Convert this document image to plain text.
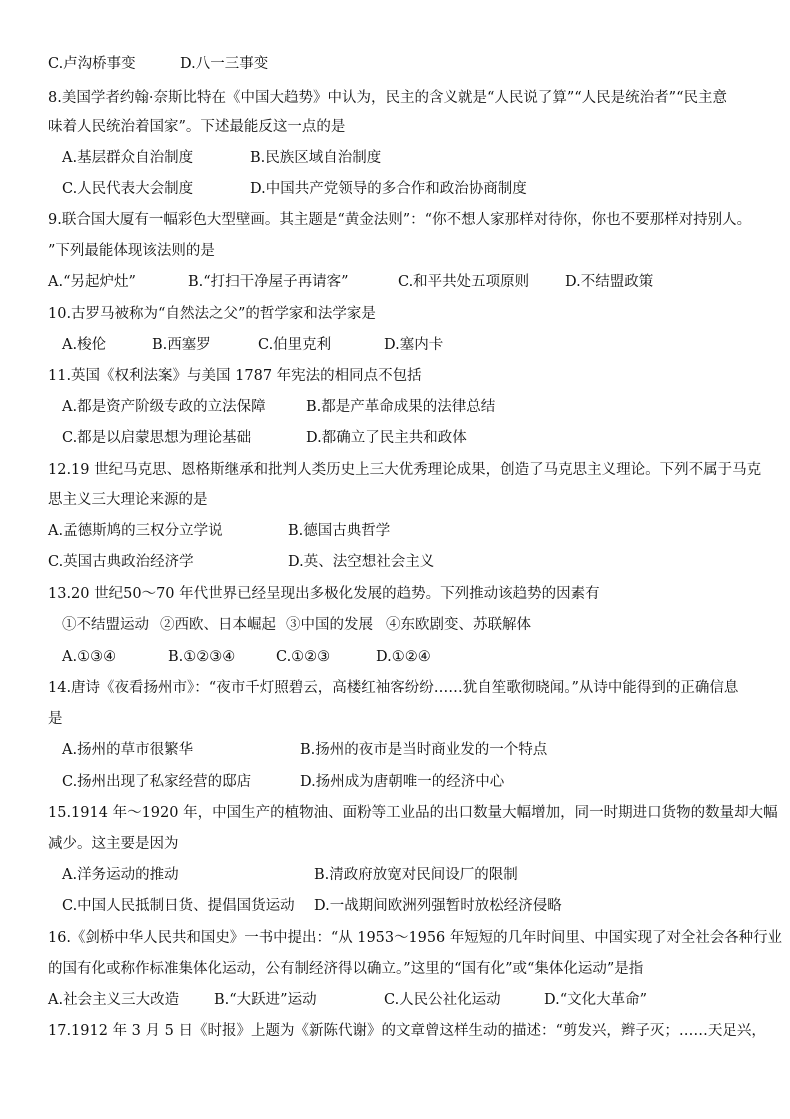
C.卢沟桥事变	D.八一三事变
8.美国学者约翰·奈斯比特在《中国大趋势》中认为，民主的含义就是“人民说了算”“人民是统治者”“民主意
味着人民统治着国家”。下述最能反这一点的是
A.基层群众自治制度	B.民族区域自治制度
C.人民代表大会制度	D.中国共产党领导的多合作和政治协商制度
9.联合国大厦有一幅彩色大型壁画。其主题是“黄金法则”：“你不想人家那样对待你，你也不要那样对持别人。
”下列最能体现该法则的是
A.“另起炉灶”	B.“打扫干净屋子再请客”	C.和平共处五项原则 D.不结盟政策
10.古罗马被称为“自然法之父”的哲学家和法学家是
A.梭伦	B.西塞罗	C.伯里克利	D.塞内卡
11.英国《权利法案》与美国 1787 年宪法的相同点不包括
A.都是资产阶级专政的立法保障	B.都是产革命成果的法律总结
C.都是以启蒙思想为理论基础	D.都确立了民主共和政体
12.19 世纪马克思、恩格斯继承和批判人类历史上三大优秀理论成果，创造了马克思主义理论。下列不属于马克
思主义三大理论来源的是
A.孟德斯鸠的三权分立学说	B.德国古典哲学
C.英国古典政治经济学	D.英、法空想社会主义
13.20 世纪50～70 年代世界已经呈现出多极化发展的趋势。下列推动该趋势的因素有
①不结盟运动 ②西欧、日本崛起 ③中国的发展 ④东欧剧变、苏联解体
A.①③④	B.①②③④	C.①②③	D.①②④
14.唐诗《夜看扬州市》：“夜市千灯照碧云，高楼红袖客纷纷……犹自笙歌彻晓闻。”从诗中能得到的正确信息
是
A.扬州的草市很繁华	B.扬州的夜市是当时商业发的一个特点
C.扬州出现了私家经营的邸店	D.扬州成为唐朝唯一的经济中心
15.1914 年～1920 年，中国生产的植物油、面粉等工业品的出口数量大幅增加，同一时期进口货物的数量却大幅
减少。这主要是因为
A.洋务运动的推动	B.清政府放宽对民间设厂的限制
C.中国人民抵制日货、提倡国货运动 D.一战期间欧洲列强暂时放松经济侵略
16.《剑桥中华人民共和国史》一书中提出：“从 1953～1956 年短短的几年时间里、中国实现了对全社会各种行业
的国有化或称作标准集体化运动，公有制经济得以确立。”这里的“国有化”或“集体化运动”是指
A.社会主义三大改造 B.“大跃进”运动	C.人民公社化运动	D.“文化大革命”
17.1912 年 3 月 5 日《时报》上题为《新陈代谢》的文章曾这样生动的描述：“剪发兴，辫子灭；……天足兴，
